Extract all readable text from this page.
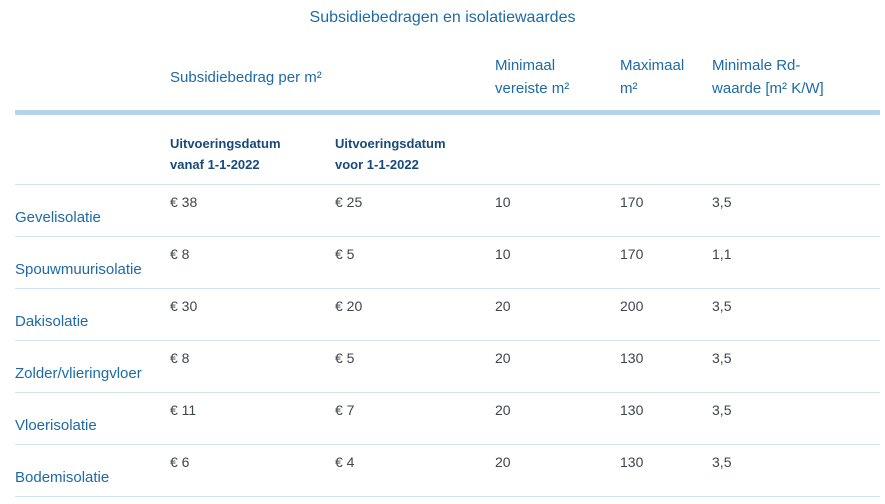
Subsidiebedragen en isolatiewaardes
	Subsidiebedrag per m²		Minimaal vereiste m²	Maximaal m²	Minimale Rd-waarde [m² K/W]
	Uitvoeringsdatum vanaf 1-1-2022	Uitvoeringsdatum voor 1-1-2022			
Gevelisolatie	€ 38	€ 25	10	170	3,5
Spouwmuurisolatie	€ 8	€ 5	10	170	1,1
Dakisolatie	€ 30	€ 20	20	200	3,5
Zolder/vlieringvloer	€ 8	€ 5	20	130	3,5
Vloerisolatie	€ 11	€ 7	20	130	3,5
Bodemisolatie	€ 6	€ 4	20	130	3,5
